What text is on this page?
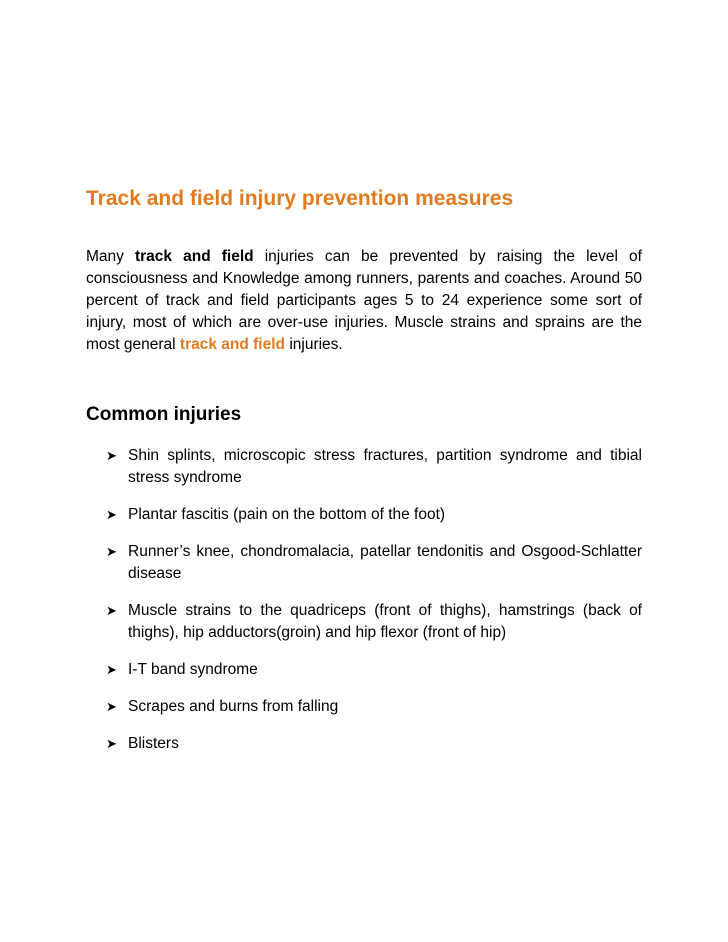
Track and field injury prevention measures

Many track and field injuries can be prevented by raising the level of consciousness and Knowledge among runners, parents and coaches. Around 50 percent of track and field participants ages 5 to 24 experience some sort of injury, most of which are over-use injuries. Muscle strains and sprains are the most general track and field injuries.

Common injuries
➤ Shin splints, microscopic stress fractures, partition syndrome and tibial stress syndrome
➤ Plantar fascitis (pain on the bottom of the foot)
➤ Runner’s knee, chondromalacia, patellar tendonitis and Osgood-Schlatter disease
➤ Muscle strains to the quadriceps (front of thighs), hamstrings (back of thighs), hip adductors(groin) and hip flexor (front of hip)
➤ I-T band syndrome
➤ Scrapes and burns from falling
➤ Blisters
